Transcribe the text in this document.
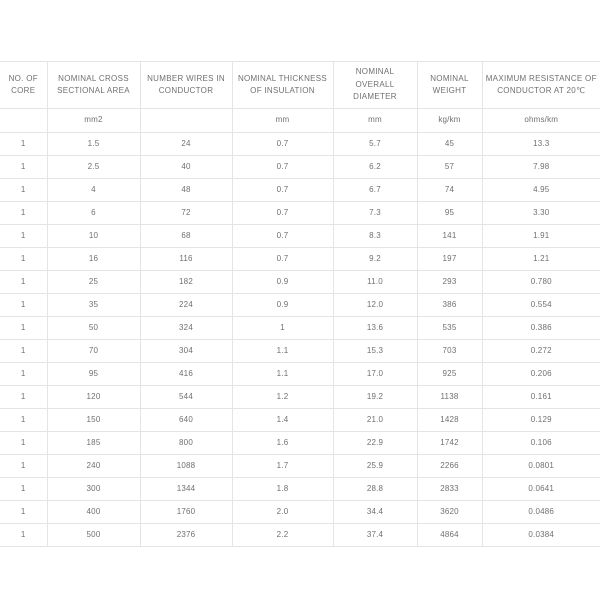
NO. OF CORE	NOMINAL CROSS SECTIONAL AREA	NUMBER WIRES IN CONDUCTOR	NOMINAL THICKNESS OF INSULATION	NOMINAL OVERALL DIAMETER	NOMINAL WEIGHT	MAXIMUM RESISTANCE OF CONDUCTOR AT 20℃
	mm2		mm	mm	kg/km	ohms/km
1	1.5	24	0.7	5.7	45	13.3
1	2.5	40	0.7	6.2	57	7.98
1	4	48	0.7	6.7	74	4.95
1	6	72	0.7	7.3	95	3.30
1	10	68	0.7	8.3	141	1.91
1	16	116	0.7	9.2	197	1.21
1	25	182	0.9	11.0	293	0.780
1	35	224	0.9	12.0	386	0.554
1	50	324	1	13.6	535	0.386
1	70	304	1.1	15.3	703	0.272
1	95	416	1.1	17.0	925	0.206
1	120	544	1.2	19.2	1138	0.161
1	150	640	1.4	21.0	1428	0.129
1	185	800	1.6	22.9	1742	0.106
1	240	1088	1.7	25.9	2266	0.0801
1	300	1344	1.8	28.8	2833	0.0641
1	400	1760	2.0	34.4	3620	0.0486
1	500	2376	2.2	37.4	4864	0.0384
